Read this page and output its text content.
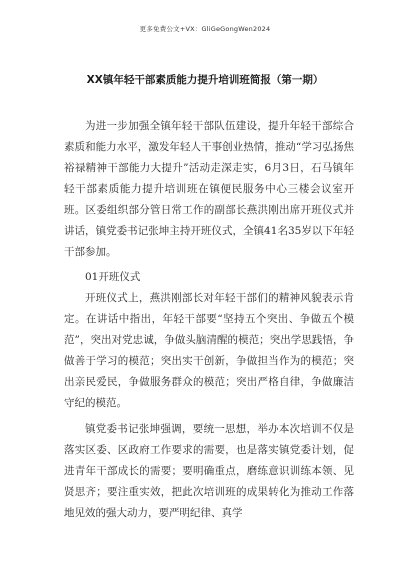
更多免费公文+VX：GliGeGongWen2024
XX镇年轻干部素质能力提升培训班简报（第一期）

为进一步加强全镇年轻干部队伍建设，提升年轻干部综合素质和能力水平，激发年轻人干事创业热情，推动“学习弘扬焦裕禄精神干部能力大提升”活动走深走实，6月3日，石马镇年轻干部素质能力提升培训班在镇便民服务中心三楼会议室开班。区委组织部分管日常工作的副部长燕洪刚出席开班仪式并讲话，镇党委书记张坤主持开班仪式，全镇41名35岁以下年轻干部参加。

01开班仪式

开班仪式上，燕洪刚部长对年轻干部们的精神风貌表示肯定。在讲话中指出，年轻干部要“坚持五个突出、争做五个模范”，突出对党忠诚，争做头脑清醒的模范；突出学思践悟，争做善于学习的模范；突出实干创新，争做担当作为的模范；突出亲民爱民，争做服务群众的模范；突出严格自律，争做廉洁守纪的模范。

镇党委书记张坤强调，要统一思想，举办本次培训不仅是落实区委、区政府工作要求的需要，也是落实镇党委计划，促进青年干部成长的需要；要明确重点，磨练意识训练本领、见贤思齐；要注重实效，把此次培训班的成果转化为推动工作落地见效的强大动力，要严明纪律、真学
